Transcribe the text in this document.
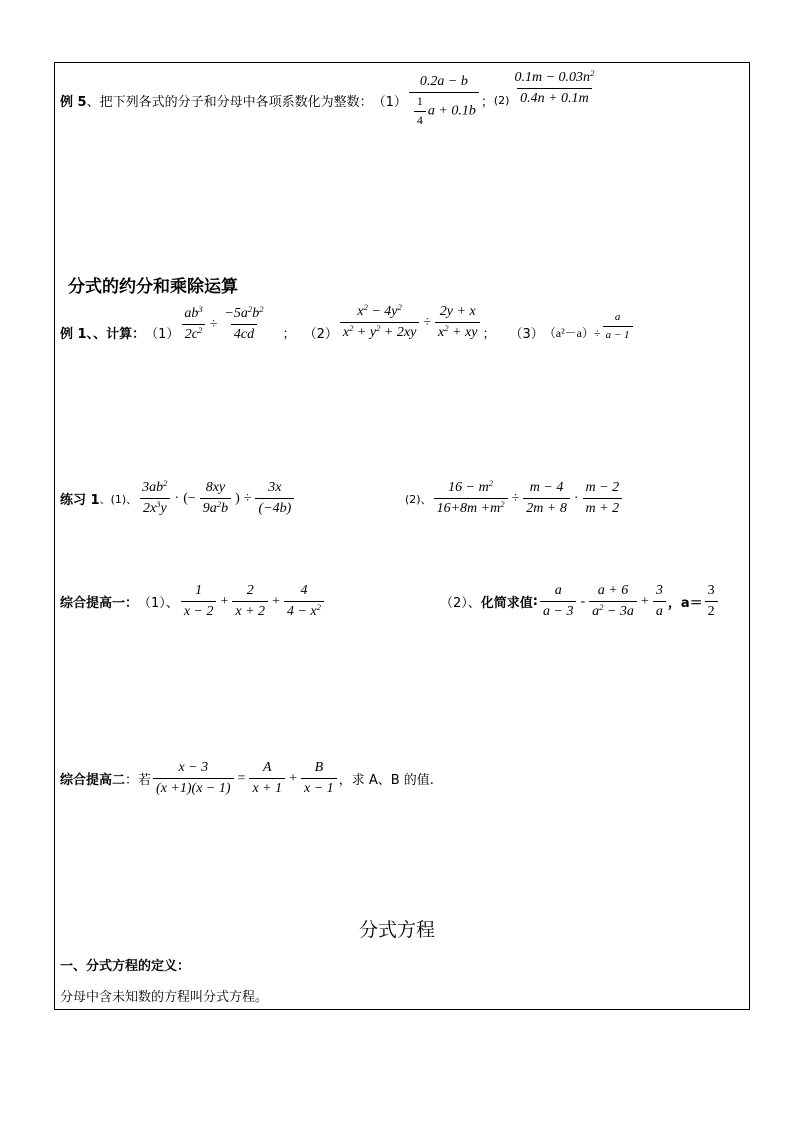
例 5 、把下列各式的分子和分母中各项系数化为整数： $(1) \frac{0.2a - b}{\frac{1}{4} a + 0.1b}$ ； $(2) \frac{0.1m - 0.03n^2}{0.4n + 0.1m}$
分式的约分和乘除运算
例 1、、计算 ： $(1) \frac{ab^3}{2c^2} \div \frac{-5a^2b^2}{4cd}$ ； $(2) \frac{x^2 - 4y^2}{x^2 + y^2 + 2xy} \div \frac{2y + x}{x^2 + xy}$ ； （3） $(a^2-a)\div \frac{a}{a - 1}$
练习 1 、(1)、 $\frac{3ab^2}{2x^3y}$ · (− $\frac{8xy}{9a^2b}$ ) ÷ $\frac{3x}{(-4b)}$	(2)、 $\frac{16 - m^2}{16+8m +m^2} \div \frac{m - 4}{2m + 8} \cdot \frac{m - 2}{m + 2}$
综合提高一 ： （1）、 $\frac{1}{x - 2} + \frac{2}{x + 2} + \frac{4}{4 - x^2}$	（2）、 化简求值 : $\frac{a}{a - 3} - \frac{a + 6}{a^2 - 3a} + \frac{3}{a}$ ，$a= \frac{3}{2}$
综合提高二 ：若 $\frac{x - 3}{(x +1)(x - 1)} = \frac{A}{x + 1} + \frac{B}{x - 1}$ ，求 A、B 的值.
分式方程
一、分式方程的定义：
分母中含未知数的方程叫分式方程。
